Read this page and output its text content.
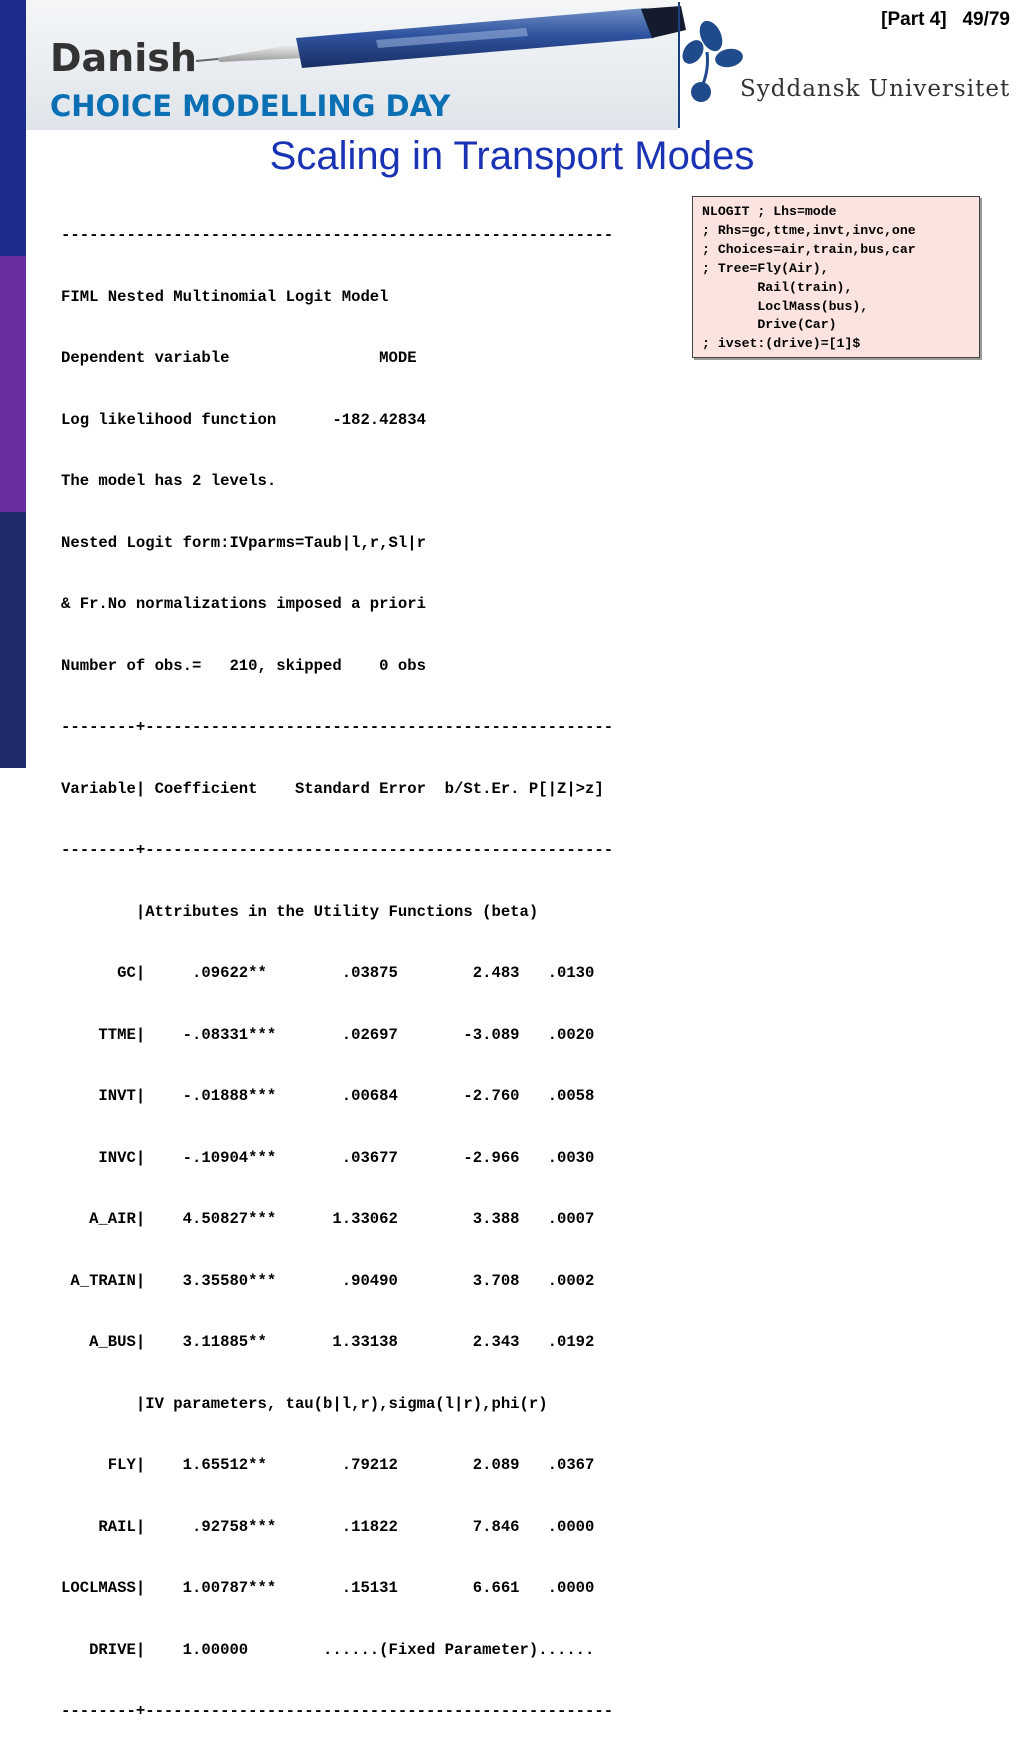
Danish
CHOICE MODELLING DAY	Syddansk Universitet
[Part 4]   49/79
Scaling in Transport Modes

-----------------------------------------------------------

FIML Nested Multinomial Logit Model

Dependent variable                MODE

Log likelihood function      -182.42834

The model has 2 levels.

Nested Logit form:IVparms=Taub|l,r,Sl|r

& Fr.No normalizations imposed a priori

Number of obs.=   210, skipped    0 obs

--------+--------------------------------------------------

Variable| Coefficient    Standard Error  b/St.Er. P[|Z|>z]

--------+--------------------------------------------------

|Attributes in the Utility Functions (beta)

GC|     .09622**        .03875        2.483   .0130

TTME|    -.08331***       .02697       -3.089   .0020

INVT|    -.01888***       .00684       -2.760   .0058

INVC|    -.10904***       .03677       -2.966   .0030

A_AIR|    4.50827***      1.33062        3.388   .0007

A_TRAIN|    3.35580***       .90490        3.708   .0002

A_BUS|    3.11885**       1.33138        2.343   .0192

|IV parameters, tau(b|l,r),sigma(l|r),phi(r)

FLY|    1.65512**        .79212        2.089   .0367

RAIL|     .92758***       .11822        7.846   .0000

LOCLMASS|    1.00787***       .15131        6.661   .0000

DRIVE|    1.00000        ......(Fixed Parameter)......

--------+--------------------------------------------------

NLOGIT ; Lhs=mode
; Rhs=gc,ttme,invt,invc,one
; Choices=air,train,bus,car
; Tree=Fly(Air),
Rail(train),
LoclMass(bus),
Drive(Car)
; ivset:(drive)=[1]$
